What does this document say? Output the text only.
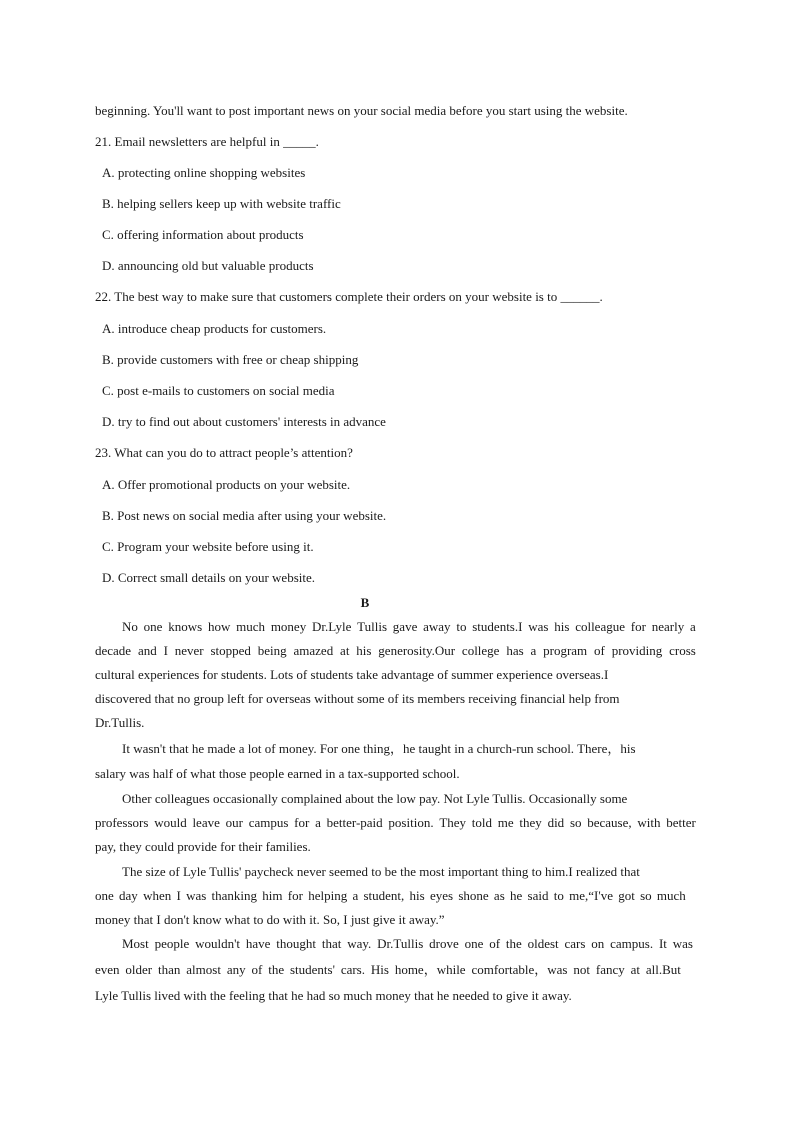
beginning. You'll want to post important news on your social media before you start using the website.
21. Email newsletters are helpful in _____.
A. protecting online shopping websites
B. helping sellers keep up with website traffic
C. offering information about products
D. announcing old but valuable products
22. The best way to make sure that customers complete their orders on your website is to ______.
A. introduce cheap products for customers.
B. provide customers with free or cheap shipping
C. post e-mails to customers on social media
D. try to find out about customers' interests in advance
23. What can you do to attract people’s attention?
A. Offer promotional products on your website.
B. Post news on social media after using your website.
C. Program your website before using it.
D. Correct small details on your website.
B
No one knows how much money Dr.Lyle Tullis gave away to students.I was his colleague for nearly a
decade and I never stopped being amazed at his generosity.Our college has a program of providing cross
cultural experiences for students. Lots of students take advantage of summer experience overseas.I
discovered that no group left for overseas without some of its members receiving financial help from
Dr.Tullis.
It wasn't that he made a lot of money. For one thing，he taught in a church-run school. There，his
salary was half of what those people earned in a tax-supported school.
Other colleagues occasionally complained about the low pay. Not Lyle Tullis. Occasionally some
professors would leave our campus for a better-paid position. They told me they did so because, with better
pay, they could provide for their families.
The size of Lyle Tullis' paycheck never seemed to be the most important thing to him.I realized that
one day when I was thanking him for helping a student, his eyes shone as he said to me,“I've got so much
money that I don't know what to do with it. So, I just give it away.”
Most people wouldn't have thought that way. Dr.Tullis drove one of the oldest cars on campus. It was
even older than almost any of the students' cars. His home，while comfortable，was not fancy at all.But
Lyle Tullis lived with the feeling that he had so much money that he needed to give it away.
